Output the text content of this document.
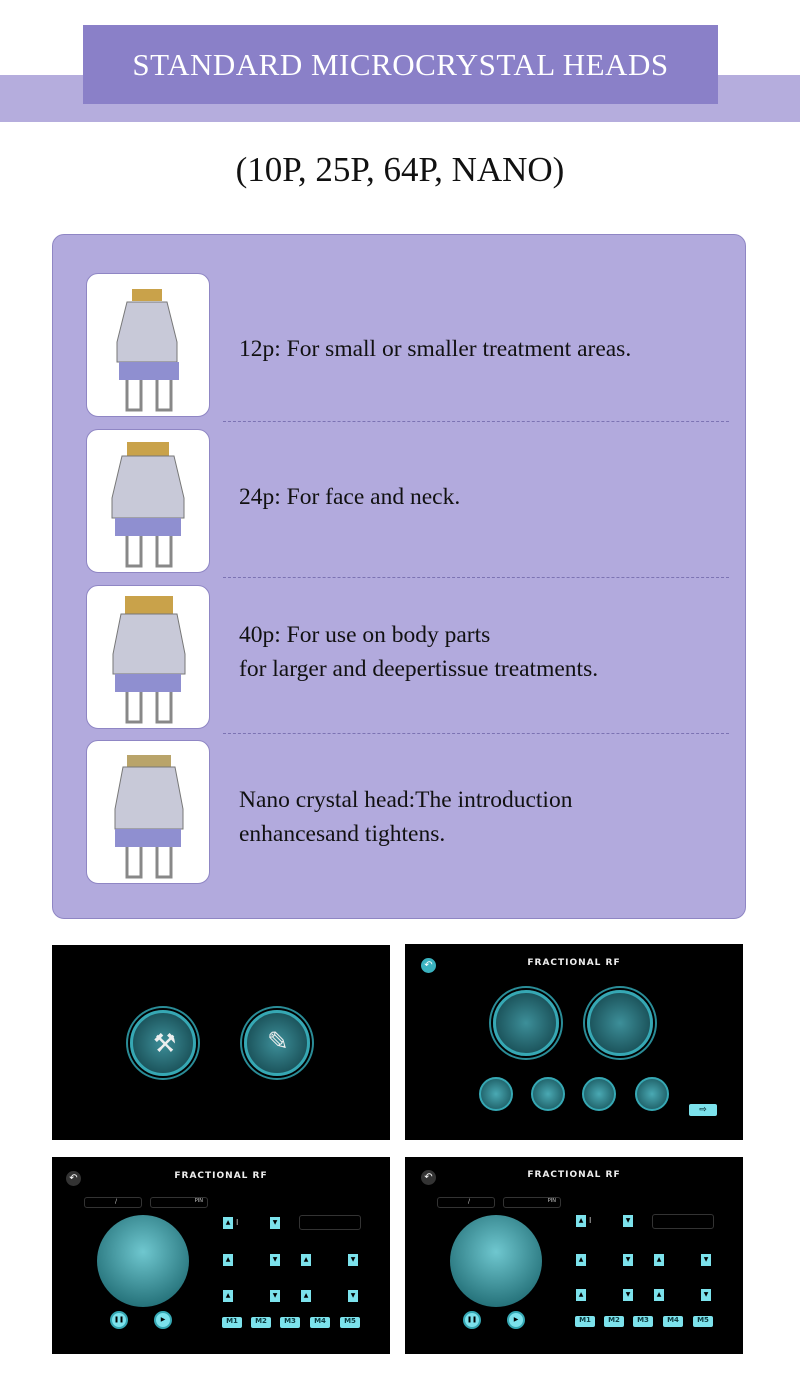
STANDARD MICROCRYSTAL HEADS
(10P, 25P, 64P, NANO)
12p: For small or smaller treatment areas.
24p: For face and neck.
40p: For use on body parts
for larger and deepertissue treatments.
Nano crystal head:The introduction
enhancesand tightens.
⚒	✎
↶	FRACTIONAL RF
⇨
↶	FRACTIONAL RF
/	PIN
❚❚	▶
▲ I	▼
▲	▼	▲	▼
▲	▼	▲	▼
M1	M2	M3	M4	M5
↶	FRACTIONAL RF
/	PIN
❚❚	▶
▲ I	▼
▲	▼	▲	▼
▲	▼	▲	▼
M1	M2	M3	M4	M5
